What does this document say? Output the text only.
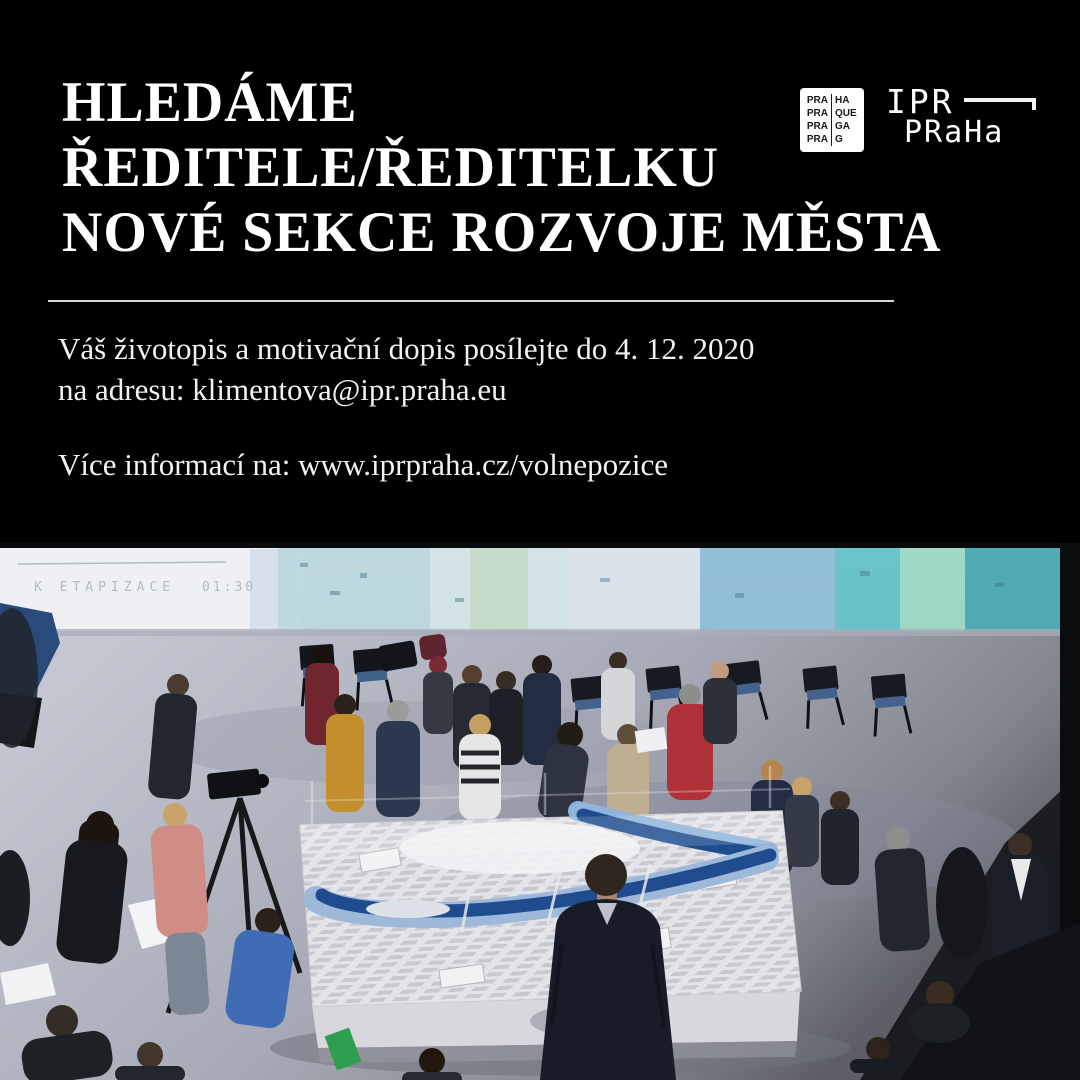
HLEDÁME
ŘEDITELE/ŘEDITELKU
NOVÉ SEKCE ROZVOJE MĚSTA
PRA HA
PRA QUE
PRA GA
PRA G
IPR
PRaHa
Váš životopis a motivační dopis posílejte do 4. 12. 2020
na adresu: klimentova@ipr.praha.eu
Více informací na: www.iprpraha.cz/volnepozice
K ETAPIZACE 01:30
